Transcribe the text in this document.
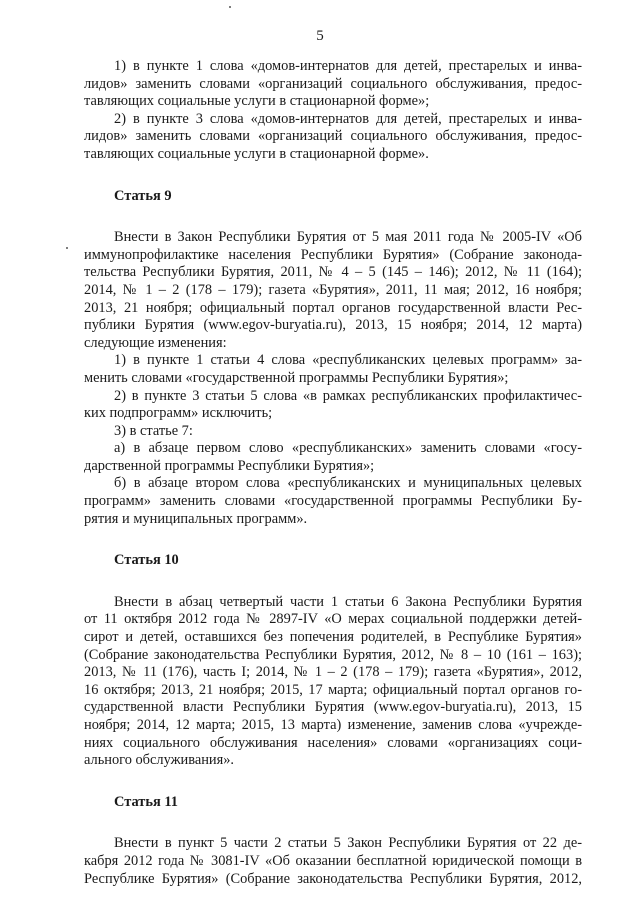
5
1) в пункте 1 слова «домов-интернатов для детей, престарелых и инва-
лидов» заменить словами «организаций социального обслуживания, предос-
тавляющих социальные услуги в стационарной форме»;
2) в пункте 3 слова «домов-интернатов для детей, престарелых и инва-
лидов» заменить словами «организаций социального обслуживания, предос-
тавляющих социальные услуги в стационарной форме».
Статья 9
Внести в Закон Республики Бурятия от 5 мая 2011 года № 2005-IV «Об
иммунопрофилактике населения Республики Бурятия» (Собрание законода-
тельства Республики Бурятия, 2011, № 4 – 5 (145 – 146); 2012, № 11 (164);
2014, № 1 – 2 (178 – 179); газета «Бурятия», 2011, 11 мая; 2012, 16 ноября;
2013, 21 ноября; официальный портал органов государственной власти Рес-
публики Бурятия (www.egov-buryatia.ru), 2013, 15 ноября; 2014, 12 марта)
следующие изменения:
1) в пункте 1 статьи 4 слова «республиканских целевых программ» за-
менить словами «государственной программы Республики Бурятия»;
2) в пункте 3 статьи 5 слова «в рамках республиканских профилактичес-
ких подпрограмм» исключить;
3) в статье 7:
а) в абзаце первом слово «республиканских» заменить словами «госу-
дарственной программы Республики Бурятия»;
б) в абзаце втором слова «республиканских и муниципальных целевых
программ» заменить словами «государственной программы Республики Бу-
рятия и муниципальных программ».
Статья 10
Внести в абзац четвертый части 1 статьи 6 Закона Республики Бурятия
от 11 октября 2012 года № 2897-IV «О мерах социальной поддержки детей-
сирот и детей, оставшихся без попечения родителей, в Республике Бурятия»
(Собрание законодательства Республики Бурятия, 2012, № 8 – 10 (161 – 163);
2013, № 11 (176), часть I; 2014, № 1 – 2 (178 – 179); газета «Бурятия», 2012,
16 октября; 2013, 21 ноября; 2015, 17 марта; официальный портал органов го-
сударственной власти Республики Бурятия (www.egov-buryatia.ru), 2013, 15
ноября; 2014, 12 марта; 2015, 13 марта) изменение, заменив слова «учрежде-
ниях социального обслуживания населения» словами «организациях соци-
ального обслуживания».
Статья 11
Внести в пункт 5 части 2 статьи 5 Закон Республики Бурятия от 22 де-
кабря 2012 года № 3081-IV «Об оказании бесплатной юридической помощи в
Республике Бурятия» (Собрание законодательства Республики Бурятия, 2012,
